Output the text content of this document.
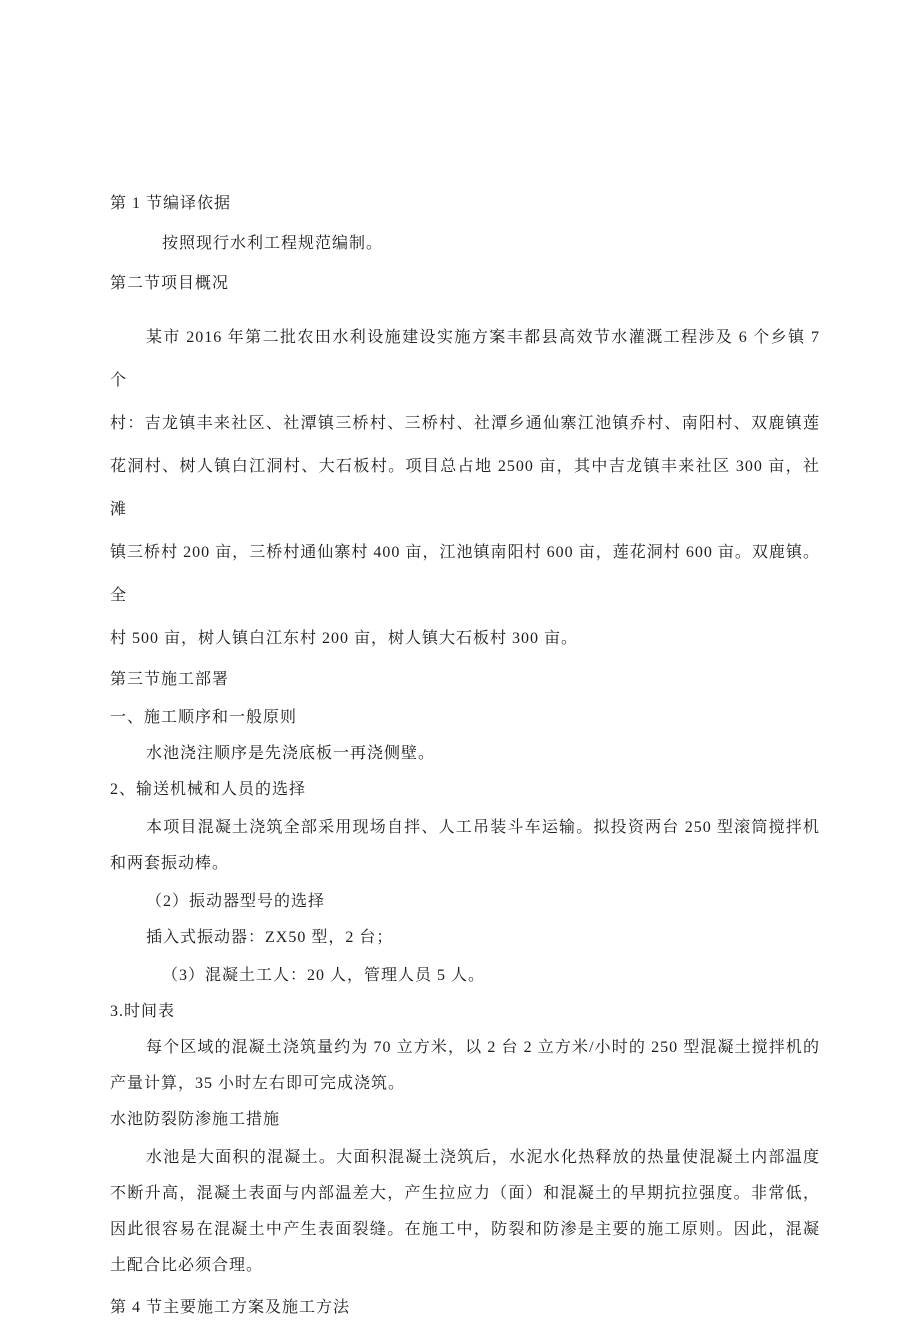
第 1 节编译依据
按照现行水利工程规范编制。
第二节项目概况
某市 2016 年第二批农田水利设施建设实施方案丰都县高效节水灌溉工程涉及 6 个乡镇 7 个
村：吉龙镇丰来社区、社潭镇三桥村、三桥村、社潭乡通仙寨江池镇乔村、南阳村、双鹿镇莲
花洞村、树人镇白江洞村、大石板村。项目总占地 2500 亩，其中吉龙镇丰来社区 300 亩，社滩
镇三桥村 200 亩，三桥村通仙寨村 400 亩，江池镇南阳村 600 亩，莲花洞村 600 亩。双鹿镇。全
村 500 亩，树人镇白江东村 200 亩，树人镇大石板村 300 亩。
第三节施工部署
一、施工顺序和一般原则
水池浇注顺序是先浇底板一再浇侧壁。
2、输送机械和人员的选择
本项目混凝土浇筑全部采用现场自拌、人工吊装斗车运输。拟投资两台 250 型滚筒搅拌机
和两套振动棒。
（2）振动器型号的选择
插入式振动器：ZX50 型，2 台；
（3）混凝土工人：20 人，管理人员 5 人。
3.时间表
每个区域的混凝土浇筑量约为 70 立方米，以 2 台 2 立方米/小时的 250 型混凝土搅拌机的
产量计算，35 小时左右即可完成浇筑。
水池防裂防渗施工措施
水池是大面积的混凝土。大面积混凝土浇筑后，水泥水化热释放的热量使混凝土内部温度
不断升高，混凝土表面与内部温差大，产生拉应力（面）和混凝土的早期抗拉强度。非常低，
因此很容易在混凝土中产生表面裂缝。在施工中，防裂和防渗是主要的施工原则。因此，混凝
土配合比必须合理。
第 4 节主要施工方案及施工方法
